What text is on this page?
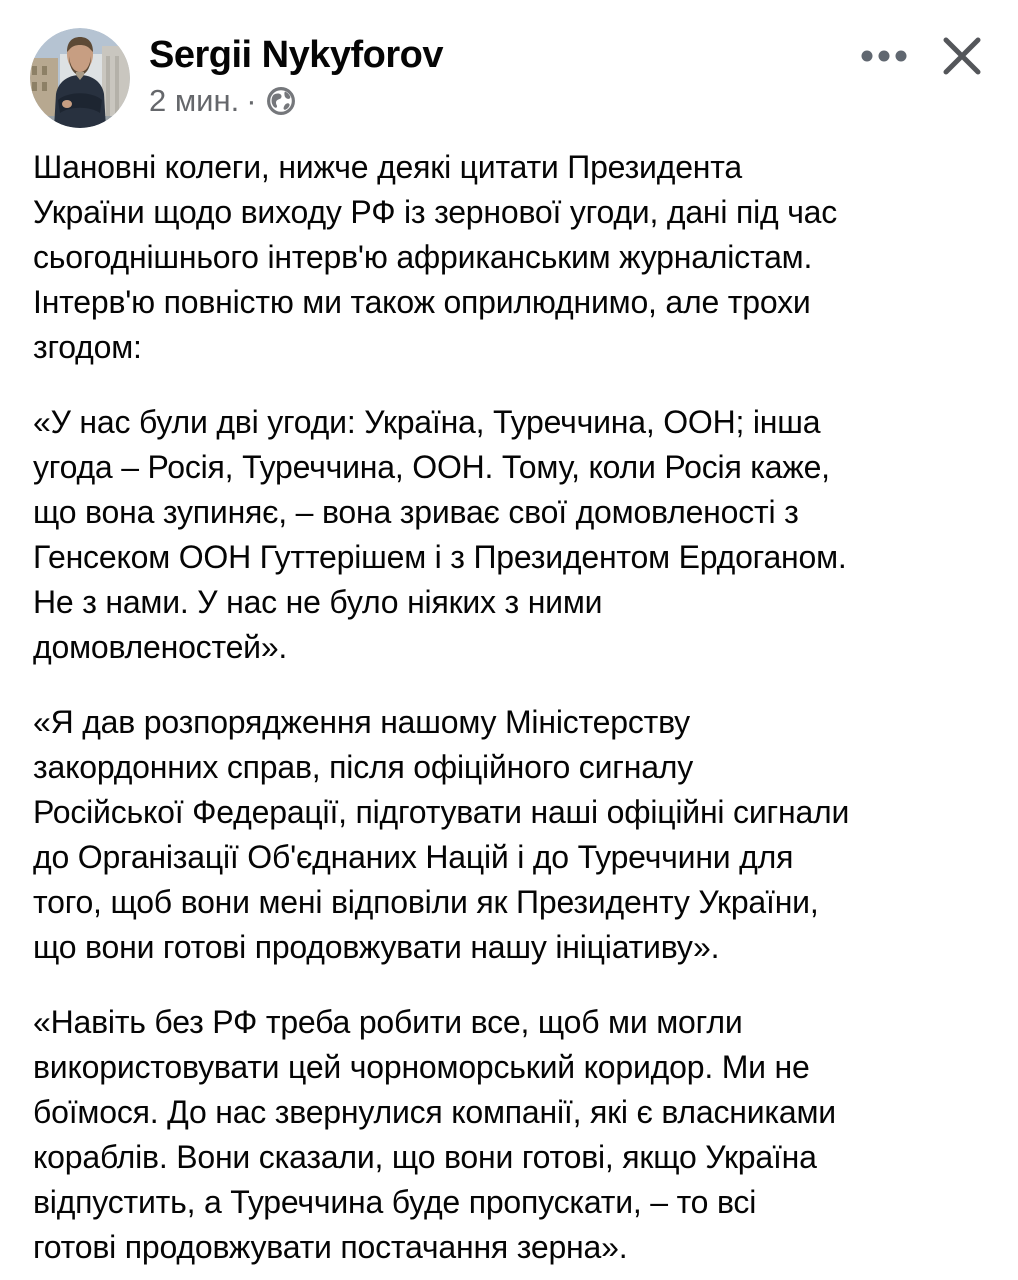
Sergii Nykyforov
2 мин. ·

Шановні колеги, нижче деякі цитати Президента
України щодо виходу РФ із зернової угоди, дані під час
сьогоднішнього інтерв'ю африканським журналістам.
Інтерв'ю повністю ми також оприлюднимо, але трохи
згодом:

«У нас були дві угоди: Україна, Туреччина, ООН; інша
угода – Росія, Туреччина, ООН. Тому, коли Росія каже,
що вона зупиняє, – вона зриває свої домовленості з
Генсеком ООН Гуттерішем і з Президентом Ердоганом.
Не з нами. У нас не було ніяких з ними
домовленостей».

«Я дав розпорядження нашому Міністерству
закордонних справ, після офіційного сигналу
Російської Федерації, підготувати наші офіційні сигнали
до Організації Об'єднаних Націй і до Туреччини для
того, щоб вони мені відповіли як Президенту України,
що вони готові продовжувати нашу ініціативу».

«Навіть без РФ треба робити все, щоб ми могли
використовувати цей чорноморський коридор. Ми не
боїмося. До нас звернулися компанії, які є власниками
кораблів. Вони сказали, що вони готові, якщо Україна
відпустить, а Туреччина буде пропускати, – то всі
готові продовжувати постачання зерна».
